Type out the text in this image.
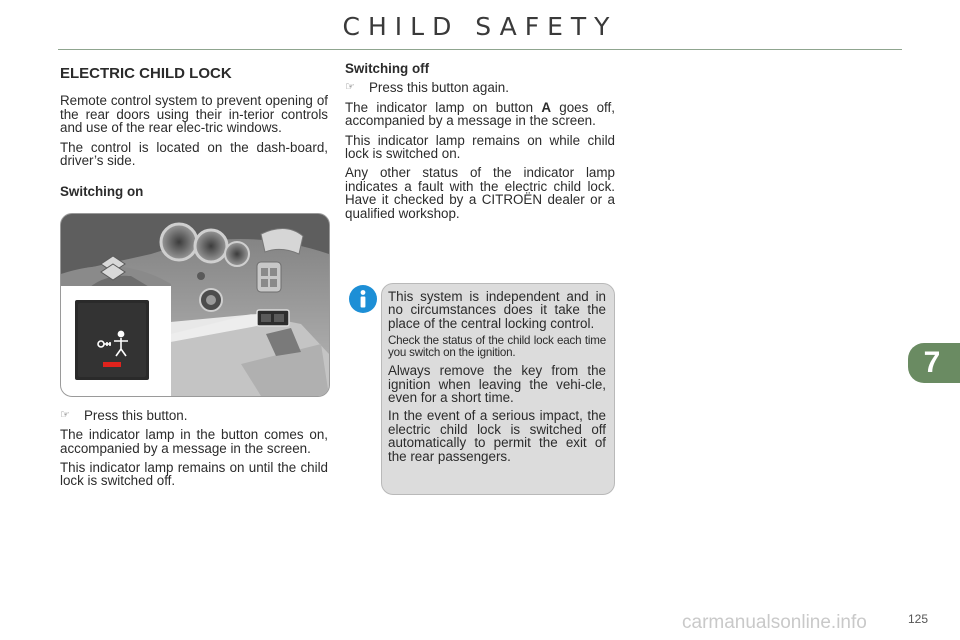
CHILD SAFETY
ELECTRIC CHILD LOCK

Remote control system to prevent opening of the rear doors using their in-terior controls and use of the rear elec-tric windows.

The control is located on the dash-board, driver’s side.

Switching on
☞	Press this button.

The indicator lamp in the button comes on, accompanied by a message in the screen.

This indicator lamp remains on until the child lock is switched off.

Switching off
☞	Press this button again.

The indicator lamp on button A goes off, accompanied by a message in the screen.

This indicator lamp remains on while child lock is switched on.

Any other status of the indicator lamp indicates a fault with the electric child lock. Have it checked by a CITROËN dealer or a qualified workshop.

This system is independent and in no circumstances does it take the place of the central locking control.

Check the status of the child lock each time you switch on the ignition.

Always remove the key from the ignition when leaving the vehi-cle, even for a short time.

In the event of a serious impact, the electric child lock is switched off automatically to permit the exit of the rear passengers.

7
carmanualsonline.info	125
